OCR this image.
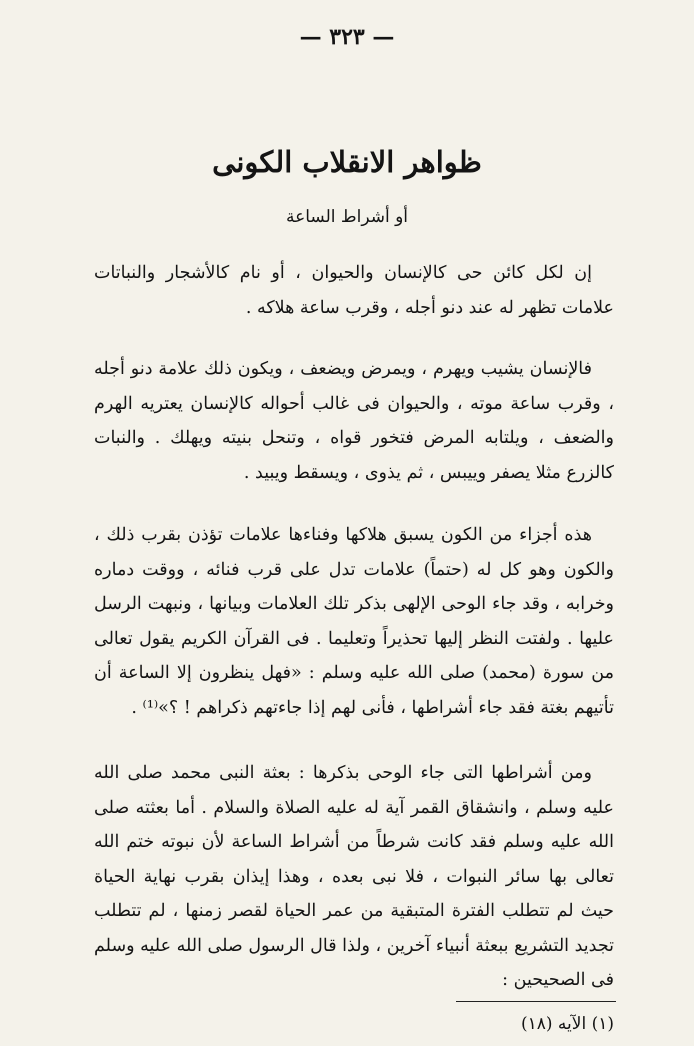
— ٣٢٣ —
ظواهر الانقلاب الكونى
أو أشراط الساعة

إن لكل كائن حى كالإنسان والحيوان ، أو نام كالأشجار والنباتات علامات تظهر له عند دنو أجله ، وقرب ساعة هلاكه .

فالإنسان يشيب ويهرم ، ويمرض ويضعف ، ويكون ذلك علامة دنو أجله ، وقرب ساعة موته ، والحيوان فى غالب أحواله كالإنسان يعتريه الهرم والضعف ، ويلتابه المرض فتخور قواه ، وتنحل بنيته ويهلك . والنبات كالزرع مثلا يصفر وييبس ، ثم يذوى ، ويسقط ويبيد .

هذه أجزاء من الكون يسبق هلاكها وفناءها علامات تؤذن بقرب ذلك ، والكون وهو كل له (حتماً) علامات تدل على قرب فنائه ، ووقت دماره وخرابه ، وقد جاء الوحى الإلهى بذكر تلك العلامات وبيانها ، ونبهت الرسل عليها . ولفتت النظر إليها تحذيراً وتعليما . فى القرآن الكريم يقول تعالى من سورة (محمد) صلى الله عليه وسلم : «فهل ينظرون إلا الساعة أن تأتيهم بغتة فقد جاء أشراطها ، فأنى لهم إذا جاءتهم ذكراهم ! ؟»⁽¹⁾ .

ومن أشراطها التى جاء الوحى بذكرها : بعثة النبى محمد صلى الله عليه وسلم ، وانشقاق القمر آية له عليه الصلاة والسلام . أما بعثته صلى الله عليه وسلم فقد كانت شرطاً من أشراط الساعة لأن نبوته ختم الله تعالى بها سائر النبوات ، فلا نبى بعده ، وهذا إيذان بقرب نهاية الحياة حيث لم تتطلب الفترة المتبقية من عمر الحياة لقصر زمنها ، لم تتطلب تجديد التشريع ببعثة أنبياء آخرين ، ولذا قال الرسول صلى الله عليه وسلم فى الصحيحين :

(١) الآيه (١٨)
